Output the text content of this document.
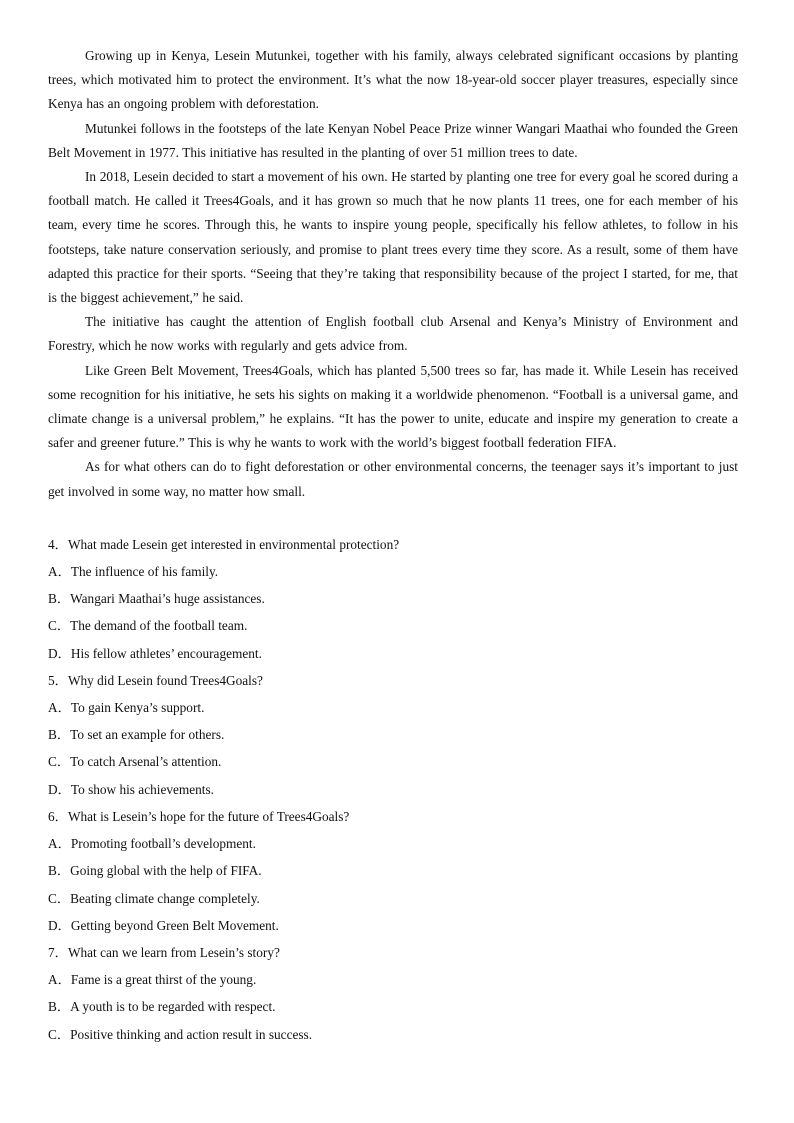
Growing up in Kenya, Lesein Mutunkei, together with his family, always celebrated significant occasions by planting trees, which motivated him to protect the environment. It’s what the now 18-year-old soccer player treasures, especially since Kenya has an ongoing problem with deforestation.

Mutunkei follows in the footsteps of the late Kenyan Nobel Peace Prize winner Wangari Maathai who founded the Green Belt Movement in 1977. This initiative has resulted in the planting of over 51 million trees to date.

In 2018, Lesein decided to start a movement of his own. He started by planting one tree for every goal he scored during a football match. He called it Trees4Goals, and it has grown so much that he now plants 11 trees, one for each member of his team, every time he scores. Through this, he wants to inspire young people, specifically his fellow athletes, to follow in his footsteps, take nature conservation seriously, and promise to plant trees every time they score. As a result, some of them have adapted this practice for their sports. “Seeing that they’re taking that responsibility because of the project I started, for me, that is the biggest achievement,” he said.

The initiative has caught the attention of English football club Arsenal and Kenya’s Ministry of Environment and Forestry, which he now works with regularly and gets advice from.

Like Green Belt Movement, Trees4Goals, which has planted 5,500 trees so far, has made it. While Lesein has received some recognition for his initiative, he sets his sights on making it a worldwide phenomenon. “Football is a universal game, and climate change is a universal problem,” he explains. “It has the power to unite, educate and inspire my generation to create a safer and greener future.” This is why he wants to work with the world’s biggest football federation FIFA.

As for what others can do to fight deforestation or other environmental concerns, the teenager says it’s important to just get involved in some way, no matter how small.

4．What made Lesein get interested in environmental protection?
A．The influence of his family.
B．Wangari Maathai’s huge assistances.
C．The demand of the football team.
D．His fellow athletes’ encouragement.
5．Why did Lesein found Trees4Goals?
A．To gain Kenya’s support.
B．To set an example for others.
C．To catch Arsenal’s attention.
D．To show his achievements.
6．What is Lesein’s hope for the future of Trees4Goals?
A．Promoting football’s development.
B．Going global with the help of FIFA.
C．Beating climate change completely.
D．Getting beyond Green Belt Movement.
7．What can we learn from Lesein’s story?
A．Fame is a great thirst of the young.
B．A youth is to be regarded with respect.
C．Positive thinking and action result in success.
